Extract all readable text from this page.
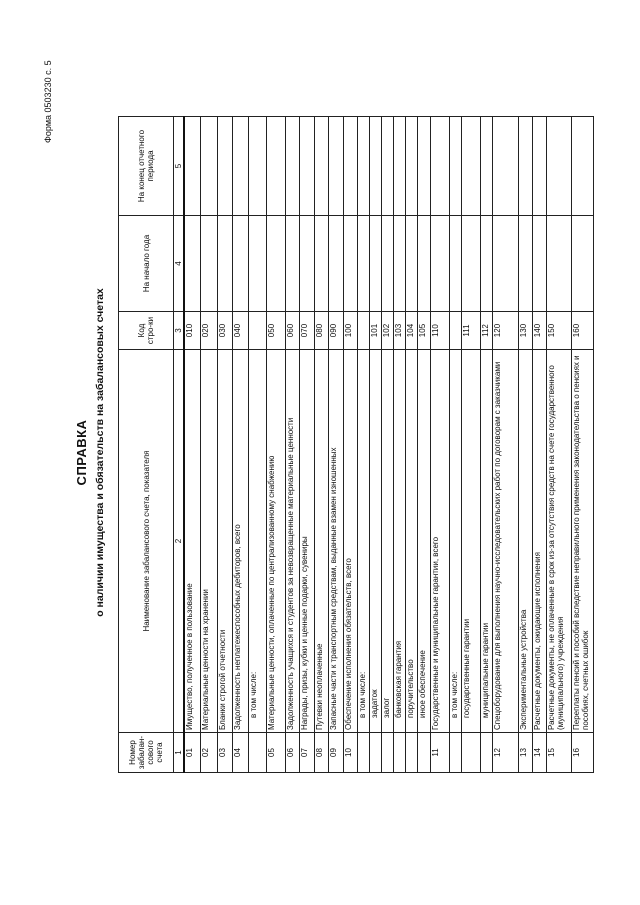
Форма 0503230 с. 5
СПРАВКА о наличии имущества и обязательств на забалансовых счетах
Номер забалан-сового счета	Наименование забалансового счета, показателя	Код стро-ки	На начало года	На конец отчетного периода
1	2	3	4	5
01	Имущество, полученное в пользование	010		
02	Материальные ценности на хранении	020		
03	Бланки строгой отчетности	030		
04	Задолженность неплатежеспособных дебиторов, всего	040		
	в том числе:			
05	Материальные ценности, оплаченные по централизованному снабжению	050		
06	Задолженность учащихся и студентов за невозвращенные материальные ценности	060		
07	Награды, призы, кубки и ценные подарки, сувениры	070		
08	Путевки неоплаченные	080		
09	Запасные части к транспортным средствам, выданные взамен изношенных	090		
10	Обеспечение исполнения обязательств, всего	100		
	в том числе:			
	задаток	101		
	залог	102		
	банковская гарантия	103		
	поручительство	104		
	иное обеспечение	105		
11	Государственные и муниципальные гарантии, всего	110		
	в том числе:			
	государственные гарантии	111		
	муниципальные гарантии	112		
12	Спецоборудование для выполнения научно-исследовательских работ по договорам с заказчиками	120		
13	Экспериментальные устройства	130		
14	Расчетные документы, ожидающие исполнения	140		
15	Расчетные документы, не оплаченные в срок из-за отсутствия средств на счете государственного (муниципального) учреждения	150		
16	Переплаты пенсий и пособий вследствие неправильного применения законодательства о пенсиях и пособиях, счетных ошибок	160		
